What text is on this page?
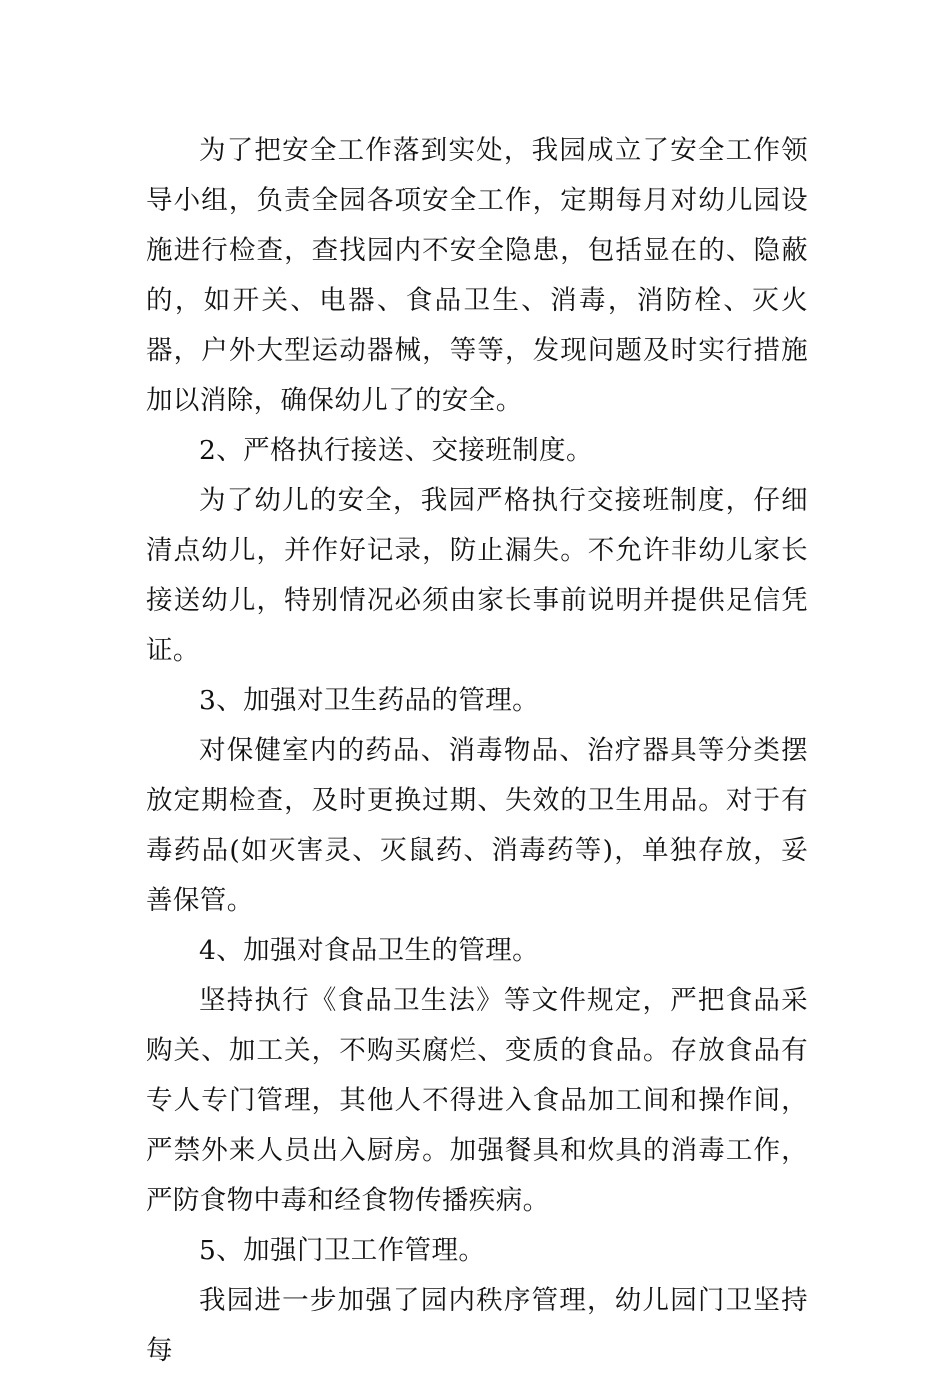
为了把安全工作落到实处，我园成立了安全工作领导小组，负责全园各项安全工作，定期每月对幼儿园设施进行检查，查找园内不安全隐患，包括显在的、隐蔽的，如开关、电器、食品卫生、消毒，消防栓、灭火器，户外大型运动器械，等等，发现问题及时实行措施加以消除，确保幼儿了的安全。

2、严格执行接送、交接班制度。

为了幼儿的安全，我园严格执行交接班制度，仔细清点幼儿，并作好记录，防止漏失。不允许非幼儿家长接送幼儿，特别情况必须由家长事前说明并提供足信凭证。

3、加强对卫生药品的管理。

对保健室内的药品、消毒物品、治疗器具等分类摆放定期检查，及时更换过期、失效的卫生用品。对于有毒药品(如灭害灵、灭鼠药、消毒药等)，单独存放，妥善保管。

4、加强对食品卫生的管理。

坚持执行《食品卫生法》等文件规定，严把食品采购关、加工关，不购买腐烂、变质的食品。存放食品有专人专门管理，其他人不得进入食品加工间和操作间，严禁外来人员出入厨房。加强餐具和炊具的消毒工作，严防食物中毒和经食物传播疾病。

5、加强门卫工作管理。

我园进一步加强了园内秩序管理，幼儿园门卫坚持每
